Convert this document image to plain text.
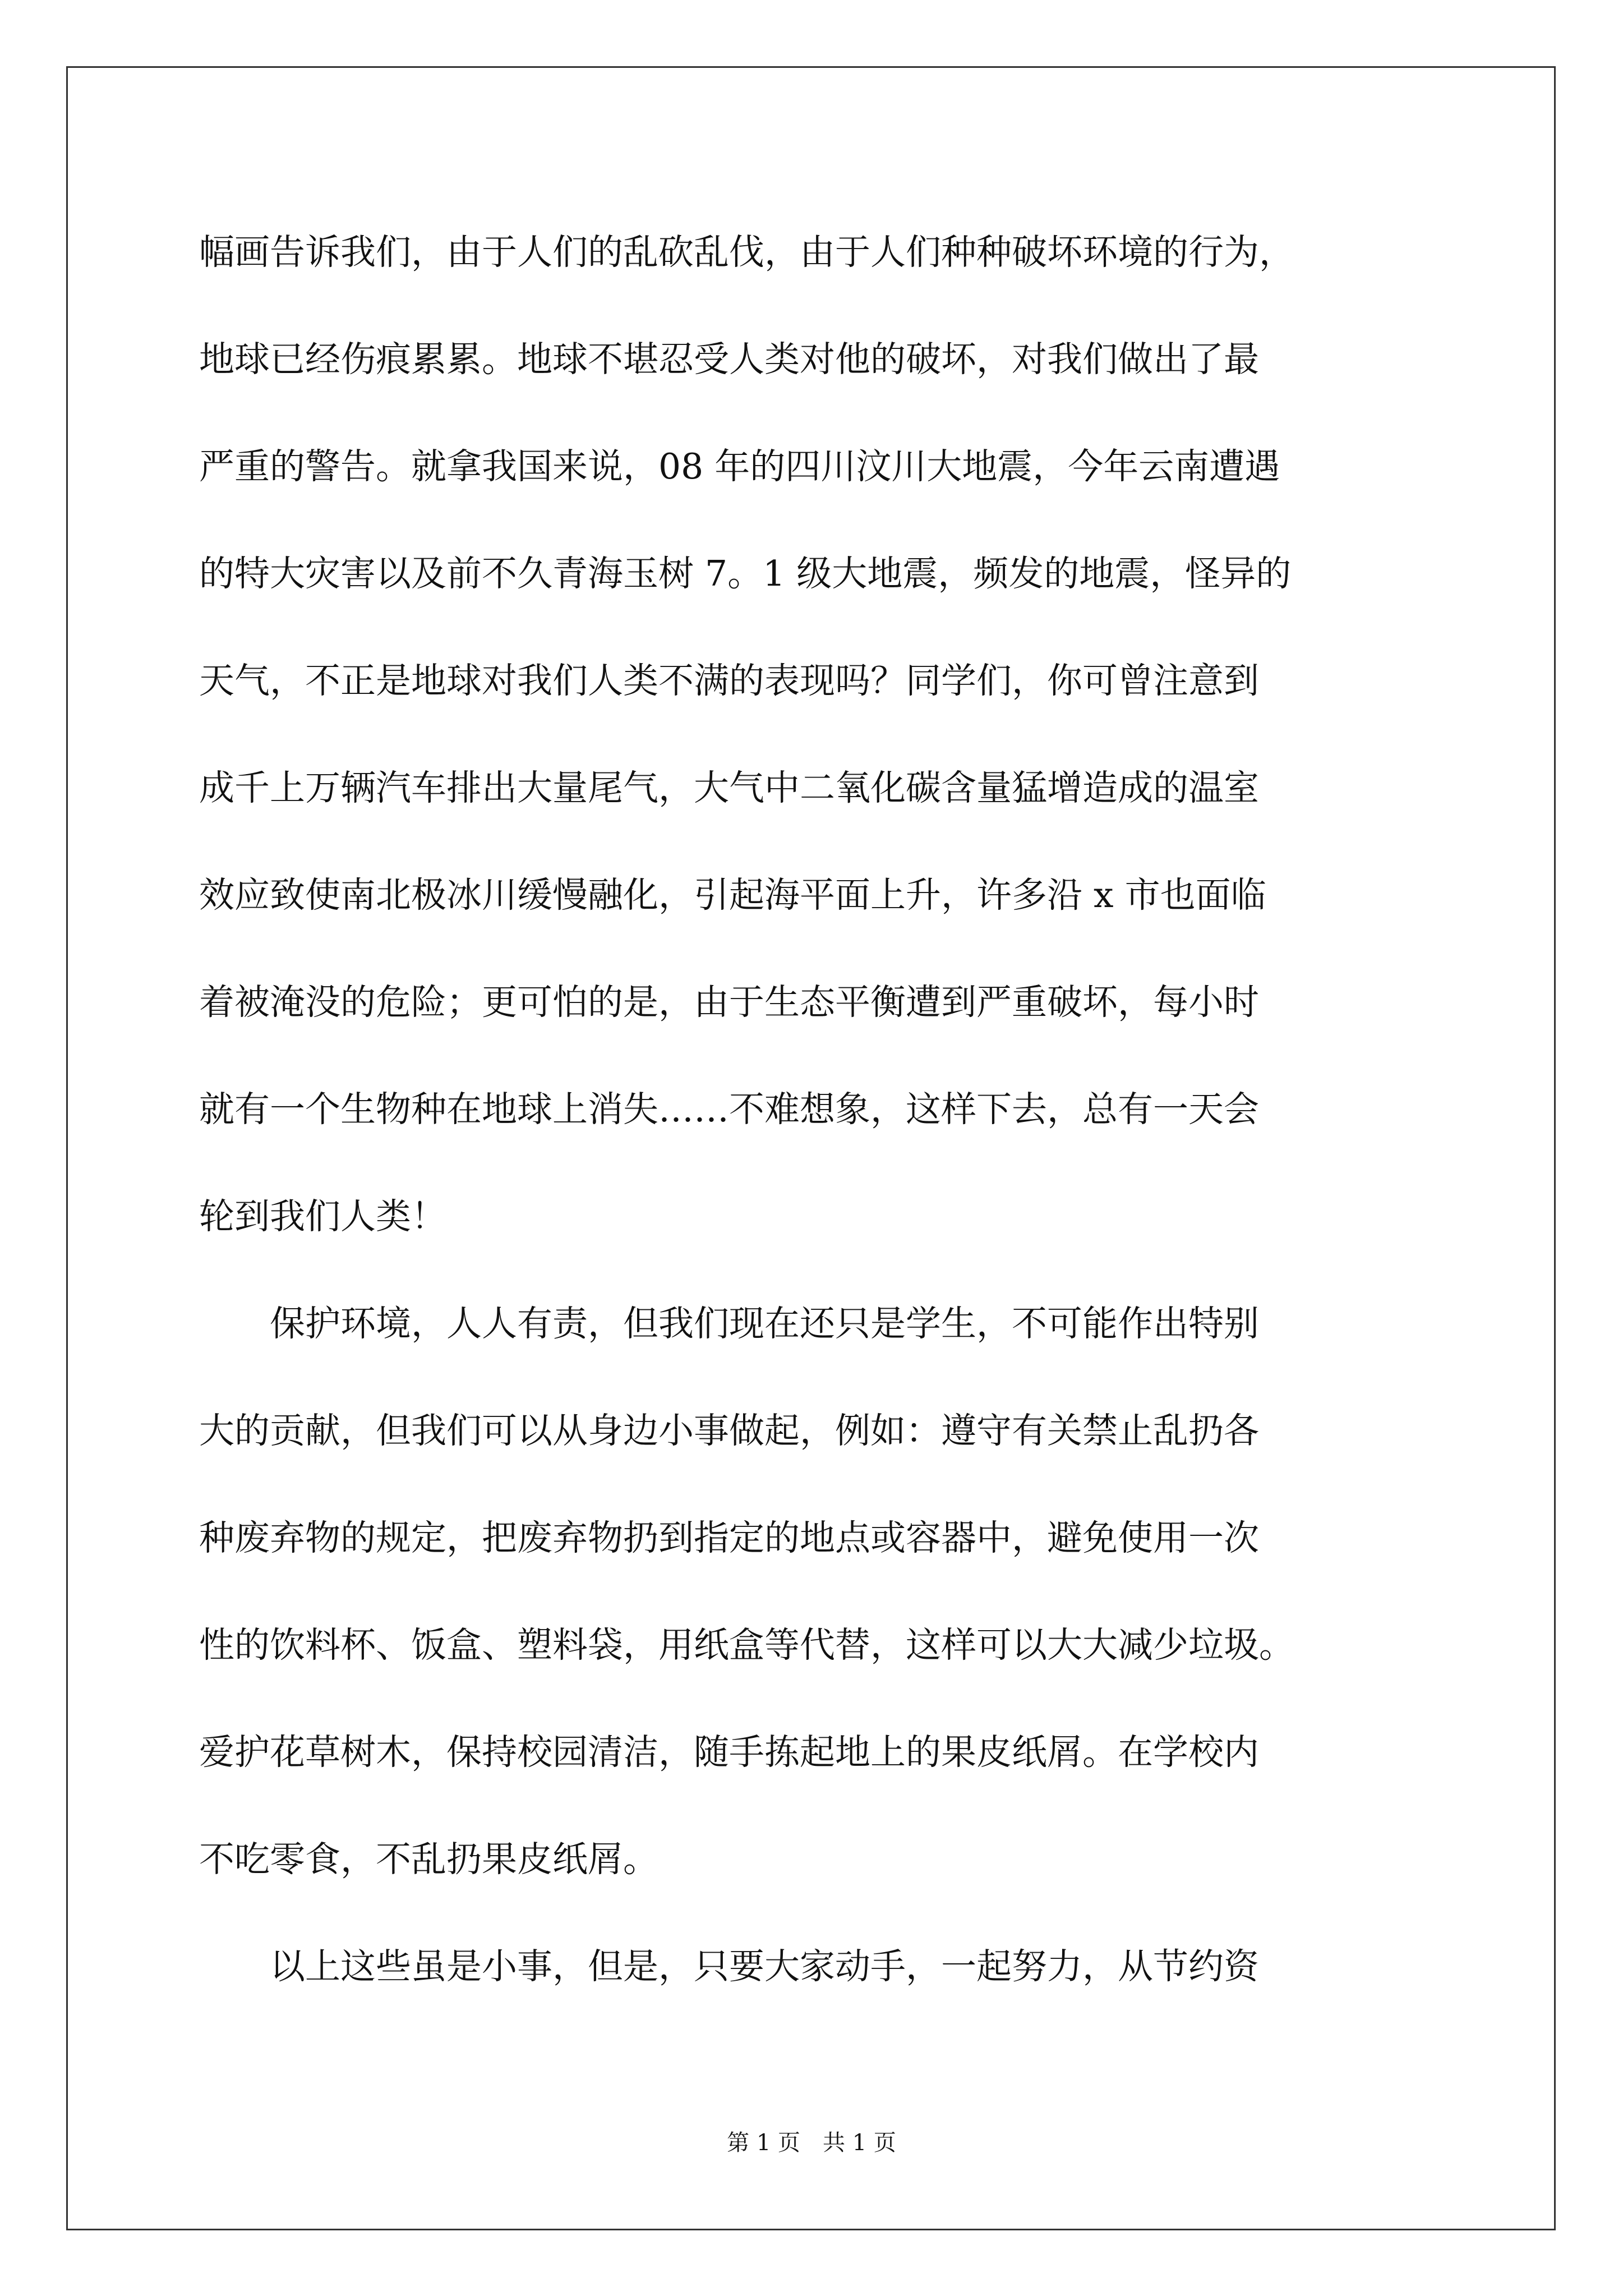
幅画告诉我们，由于人们的乱砍乱伐，由于人们种种破坏环境的行为，
地球已经伤痕累累。地球不堪忍受人类对他的破坏，对我们做出了最
严重的警告。就拿我国来说，08 年的四川汶川大地震，今年云南遭遇
的特大灾害以及前不久青海玉树 7。1 级大地震，频发的地震，怪异的
天气，不正是地球对我们人类不满的表现吗？同学们，你可曾注意到
成千上万辆汽车排出大量尾气，大气中二氧化碳含量猛增造成的温室
效应致使南北极冰川缓慢融化，引起海平面上升，许多沿 x 市也面临
着被淹没的危险；更可怕的是，由于生态平衡遭到严重破坏，每小时
就有一个生物种在地球上消失……不难想象，这样下去，总有一天会
轮到我们人类！
　　保护环境，人人有责，但我们现在还只是学生，不可能作出特别
大的贡献，但我们可以从身边小事做起，例如：遵守有关禁止乱扔各
种废弃物的规定，把废弃物扔到指定的地点或容器中，避免使用一次
性的饮料杯、饭盒、塑料袋，用纸盒等代替，这样可以大大减少垃圾。
爱护花草树木，保持校园清洁，随手拣起地上的果皮纸屑。在学校内
不吃零食，不乱扔果皮纸屑。
　　以上这些虽是小事，但是，只要大家动手，一起努力，从节约资
第 1 页　共 1 页
